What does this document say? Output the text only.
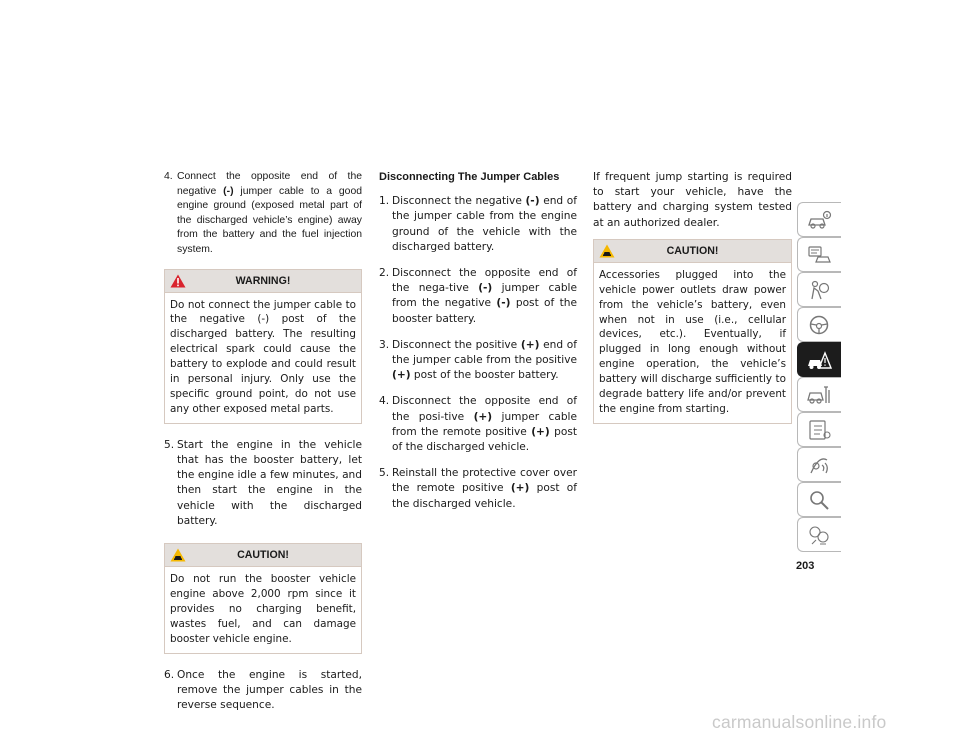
4. Connect the opposite end of the negative (-) jumper cable to a good engine ground (exposed metal part of the discharged vehicle’s engine) away from the battery and the fuel injection system.
WARNING!
Do not connect the jumper cable to the negative (-) post of the discharged battery. The resulting electrical spark could cause the battery to explode and could result in personal injury. Only use the specific ground point, do not use any other exposed metal parts.
5. Start the engine in the vehicle that has the booster battery, let the engine idle a few minutes, and then start the engine in the vehicle with the discharged battery.
CAUTION!
Do not run the booster vehicle engine above 2,000 rpm since it provides no charging benefit, wastes fuel, and can damage booster vehicle engine.
6. Once the engine is started, remove the jumper cables in the reverse sequence.
Disconnecting The Jumper Cables
1. Disconnect the negative (-) end of the jumper cable from the engine ground of the vehicle with the discharged battery.
2. Disconnect the opposite end of the nega-tive (-) jumper cable from the negative (-) post of the booster battery.
3. Disconnect the positive (+) end of the jumper cable from the positive (+) post of the booster battery.
4. Disconnect the opposite end of the posi-tive (+) jumper cable from the remote positive (+) post of the discharged vehicle.
5. Reinstall the protective cover over the remote positive (+) post of the discharged vehicle.
If frequent jump starting is required to start your vehicle, have the battery and charging system tested at an authorized dealer.
CAUTION!
Accessories plugged into the vehicle power outlets draw power from the vehicle’s battery, even when not in use (i.e., cellular devices, etc.). Eventually, if plugged in long enough without engine operation, the vehicle’s battery will discharge sufficiently to degrade battery life and/or prevent the engine from starting.
203
carmanualsonline.info
